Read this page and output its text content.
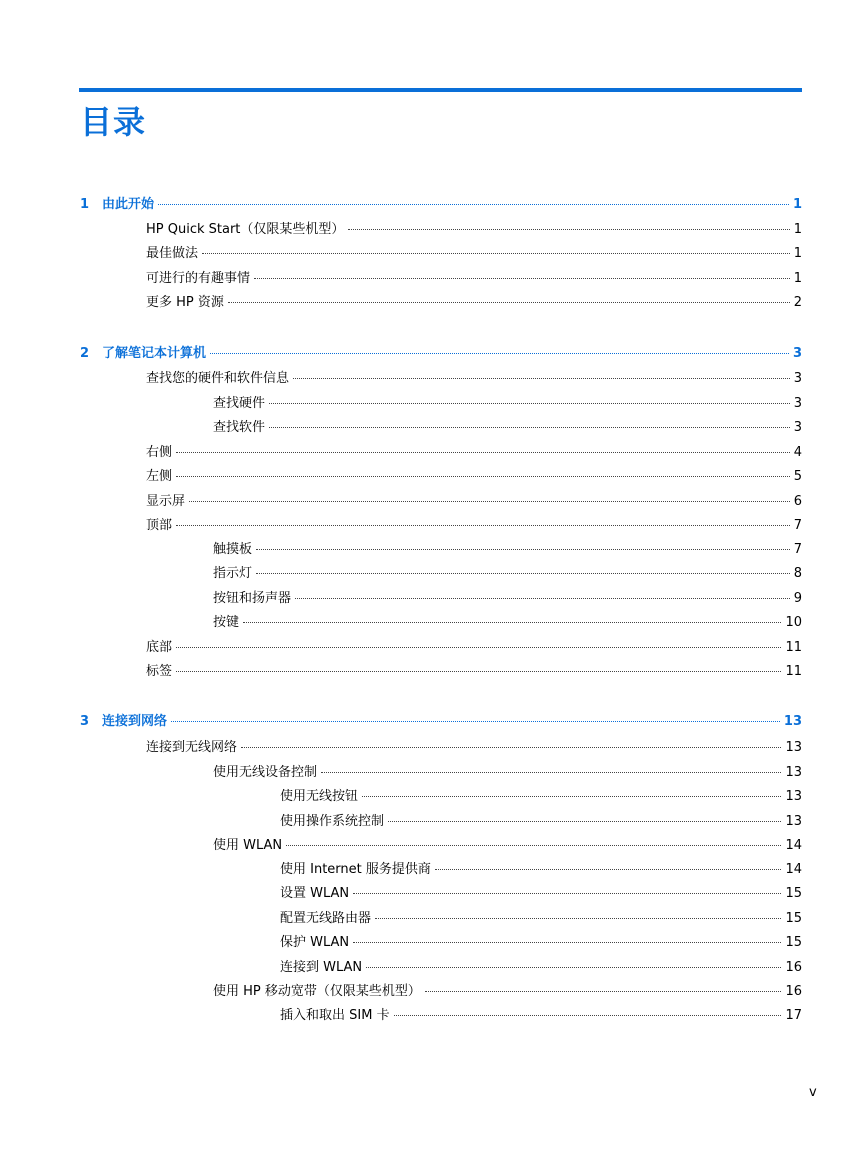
目录
1 由此开始	1
HP Quick Start（仅限某些机型）	1
最佳做法	1
可进行的有趣事情	1
更多 HP 资源	2
2 了解笔记本计算机	3
查找您的硬件和软件信息	3
查找硬件	3
查找软件	3
右侧	4
左侧	5
显示屏	6
顶部	7
触摸板	7
指示灯	8
按钮和扬声器	9
按键	10
底部	11
标签	11
3 连接到网络	13
连接到无线网络	13
使用无线设备控制	13
使用无线按钮	13
使用操作系统控制	13
使用 WLAN	14
使用 Internet 服务提供商	14
设置 WLAN	15
配置无线路由器	15
保护 WLAN	15
连接到 WLAN	16
使用 HP 移动宽带（仅限某些机型）	16
插入和取出 SIM 卡	17
v
